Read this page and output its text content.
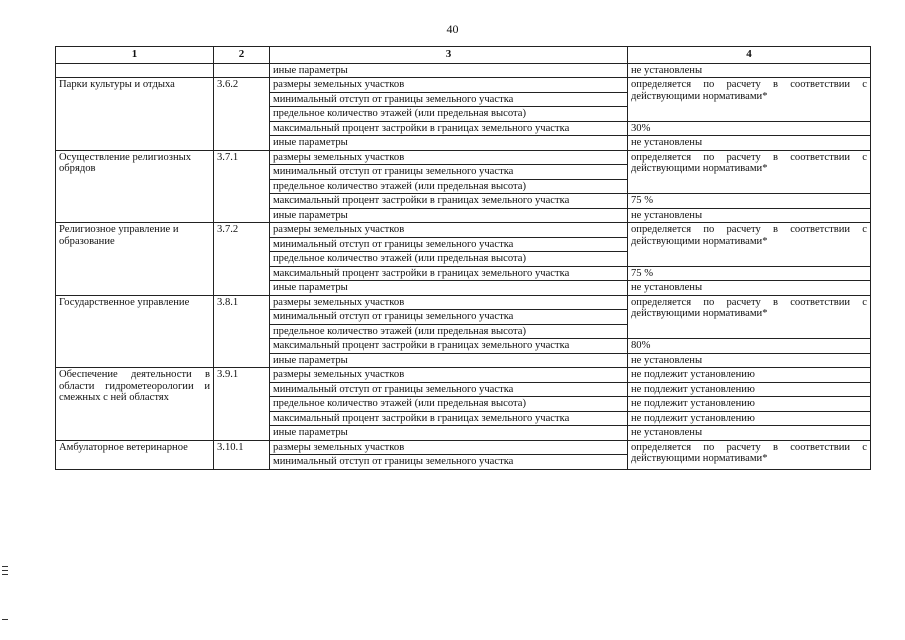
40
1	2	3	4
		иные параметры	не установлены
Парки культуры и отдыха	3.6.2	размеры земельных участков	определяется по расчету в соответствии с действующими нормативами*
		минимальный отступ от границы земельного участка	
		предельное количество этажей (или предельная высота)	
		максимальный процент застройки в границах земельного участка	30%
		иные параметры	не установлены
Осуществление религиозных обрядов	3.7.1	размеры земельных участков	определяется по расчету в соответствии с действующими нормативами*
		минимальный отступ от границы земельного участка	
		предельное количество этажей (или предельная высота)	
		максимальный процент застройки в границах земельного участка	75 %
		иные параметры	не установлены
Религиозное управление и образование	3.7.2	размеры земельных участков	определяется по расчету в соответствии с действующими нормативами*
		минимальный отступ от границы земельного участка	
		предельное количество этажей (или предельная высота)	
		максимальный процент застройки в границах земельного участка	75 %
		иные параметры	не установлены
Государственное управление	3.8.1	размеры земельных участков	определяется по расчету в соответствии с действующими нормативами*
		минимальный отступ от границы земельного участка	
		предельное количество этажей (или предельная высота)	
		максимальный процент застройки в границах земельного участка	80%
		иные параметры	не установлены
Обеспечение деятельности в области гидрометеорологии и смежных с ней областях	3.9.1	размеры земельных участков	не подлежит установлению
		минимальный отступ от границы земельного участка	не подлежит установлению
		предельное количество этажей (или предельная высота)	не подлежит установлению
		максимальный процент застройки в границах земельного участка	не подлежит установлению
		иные параметры	не установлены
Амбулаторное ветеринарное	3.10.1	размеры земельных участков	определяется по расчету в соответствии с действующими нормативами*
		минимальный отступ от границы земельного участка	
